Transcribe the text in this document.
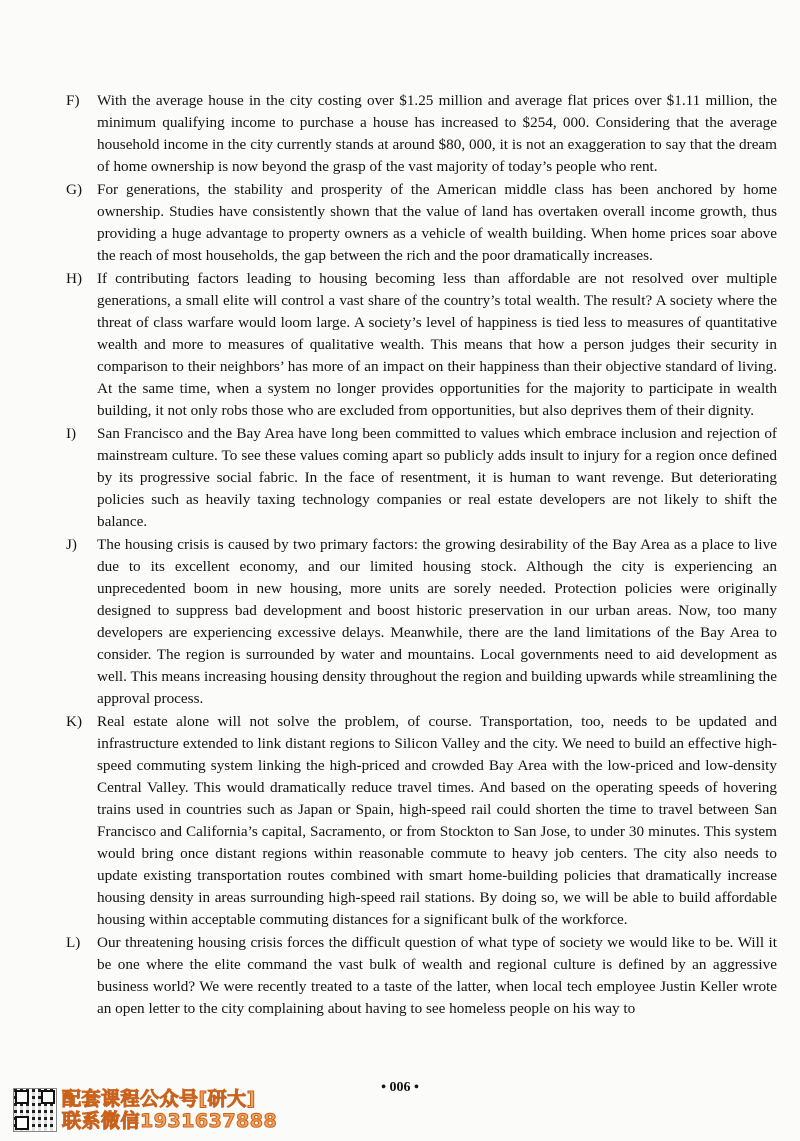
F)	With the average house in the city costing over $1.25 million and average flat prices over $1.11 million, the minimum qualifying income to purchase a house has increased to $254, 000. Considering that the average household income in the city currently stands at around $80, 000, it is not an exaggeration to say that the dream of home ownership is now beyond the grasp of the vast majority of today’s people who rent.
G) For generations, the stability and prosperity of the American middle class has been anchored by home ownership. Studies have consistently shown that the value of land has overtaken overall income growth, thus providing a huge advantage to property owners as a vehicle of wealth building. When home prices soar above the reach of most households, the gap between the rich and the poor dramatically increases.
H) If contributing factors leading to housing becoming less than affordable are not resolved over multiple generations, a small elite will control a vast share of the country’s total wealth. The result? A society where the threat of class warfare would loom large. A society’s level of happiness is tied less to measures of quantitative wealth and more to measures of qualitative wealth. This means that how a person judges their security in comparison to their neighbors’ has more of an impact on their happiness than their objective standard of living. At the same time, when a system no longer provides opportunities for the majority to participate in wealth building, it not only robs those who are excluded from opportunities, but also deprives them of their dignity.
I)	San Francisco and the Bay Area have long been committed to values which embrace inclusion and rejection of mainstream culture. To see these values coming apart so publicly adds insult to injury for a region once defined by its progressive social fabric. In the face of resentment, it is human to want revenge. But deteriorating policies such as heavily taxing technology companies or real estate developers are not likely to shift the balance.
J)	The housing crisis is caused by two primary factors: the growing desirability of the Bay Area as a place to live due to its excellent economy, and our limited housing stock. Although the city is experiencing an unprecedented boom in new housing, more units are sorely needed. Protection policies were originally designed to suppress bad development and boost historic preservation in our urban areas. Now, too many developers are experiencing excessive delays. Meanwhile, there are the land limitations of the Bay Area to consider. The region is surrounded by water and mountains. Local governments need to aid development as well. This means increasing housing density throughout the region and building upwards while streamlining the approval process.
K) Real estate alone will not solve the problem, of course. Transportation, too, needs to be updated and infrastructure extended to link distant regions to Silicon Valley and the city. We need to build an effective high-speed commuting system linking the high-priced and crowded Bay Area with the low-priced and low-density Central Valley. This would dramatically reduce travel times. And based on the operating speeds of hovering trains used in countries such as Japan or Spain, high-speed rail could shorten the time to travel between San Francisco and California’s capital, Sacramento, or from Stockton to San Jose, to under 30 minutes. This system would bring once distant regions within reasonable commute to heavy job centers. The city also needs to update existing transportation routes combined with smart home-building policies that dramatically increase housing density in areas surrounding high-speed rail stations. By doing so, we will be able to build affordable housing within acceptable commuting distances for a significant bulk of the workforce.
L)	Our threatening housing crisis forces the difficult question of what type of society we would like to be. Will it be one where the elite command the vast bulk of wealth and regional culture is defined by an aggressive business world? We were recently treated to a taste of the latter, when local tech employee Justin Keller wrote an open letter to the city complaining about having to see homeless people on his way to
• 006 •
配套课程公众号[研大]
联系微信1931637888
